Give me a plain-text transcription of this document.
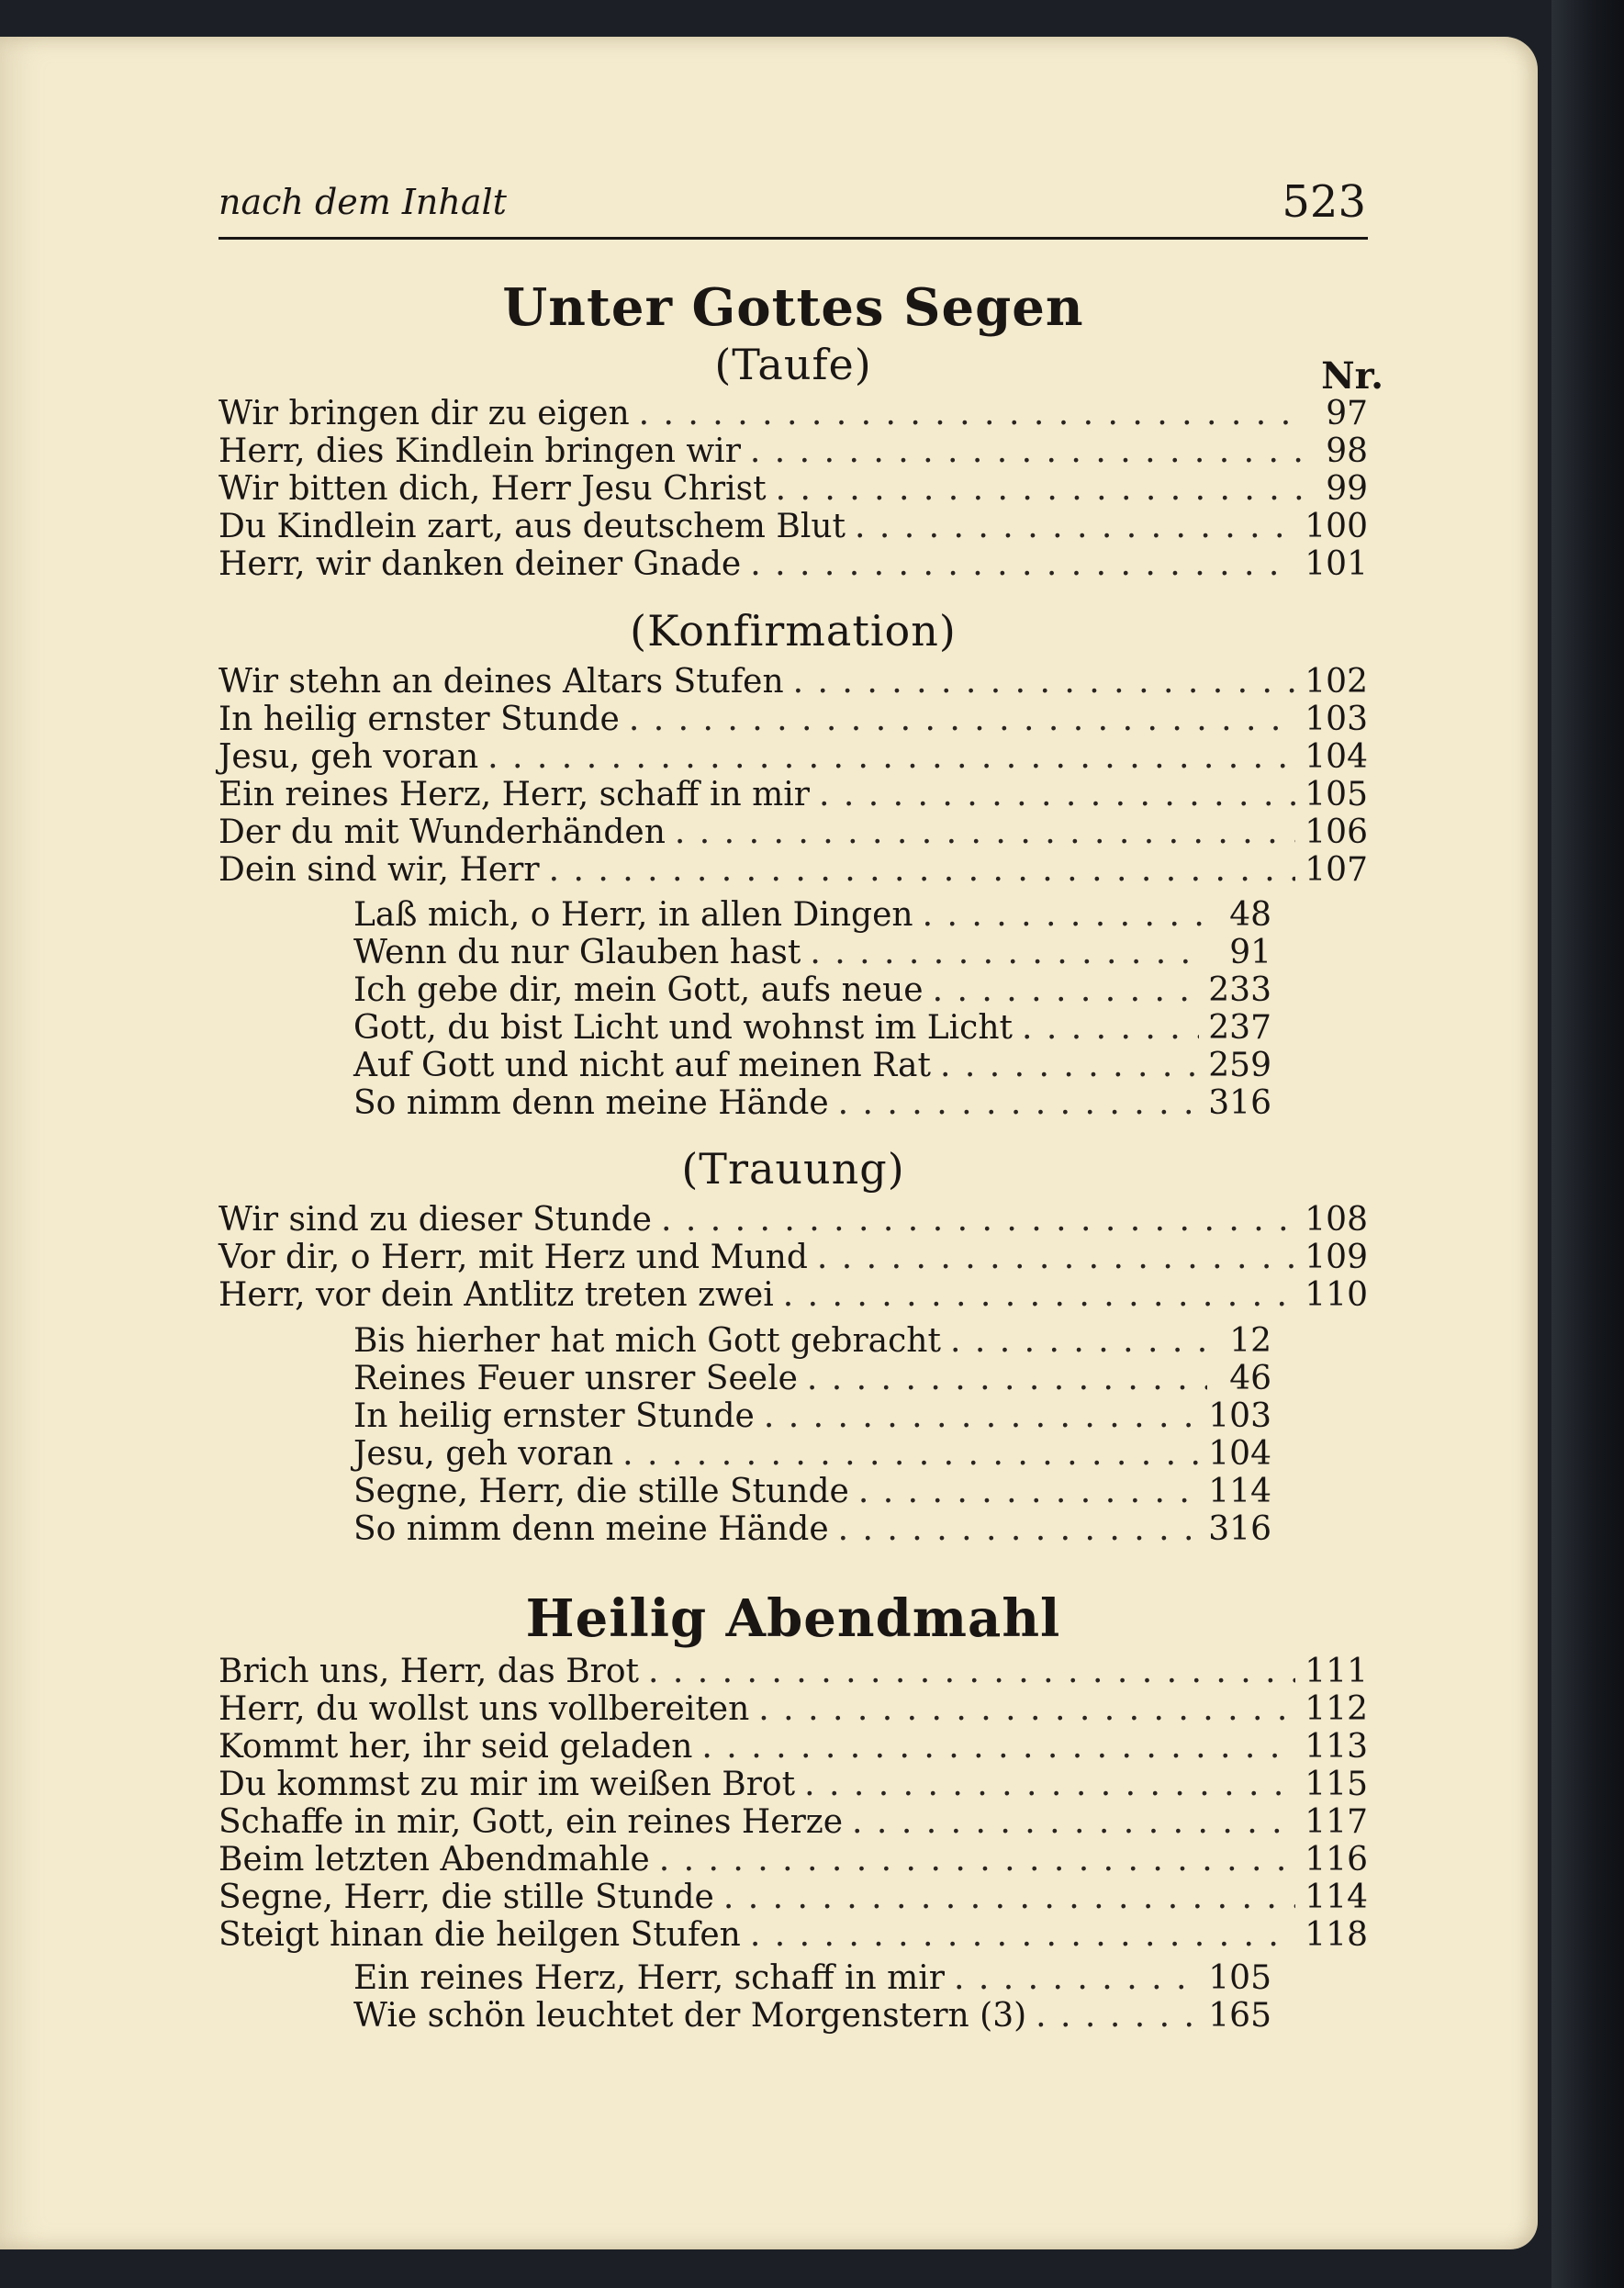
nach dem Inhalt	523
Unter Gottes Segen
(Taufe)	Nr.
Wir bringen dir zu eigen . . .	97
Herr, dies Kindlein bringen wir . . .	98
Wir bitten dich, Herr Jesu Christ . . .	99
Du Kindlein zart, aus deutschem Blut . . .	100
Herr, wir danken deiner Gnade . . .	101
(Konfirmation)
Wir stehn an deines Altars Stufen . . .	102
In heilig ernster Stunde . . .	103
Jesu, geh voran . . .	104
Ein reines Herz, Herr, schaff in mir . . .	105
Der du mit Wunderhänden . . .	106
Dein sind wir, Herr . . .	107
Laß mich, o Herr, in allen Dingen . . .	48
Wenn du nur Glauben hast . . .	91
Ich gebe dir, mein Gott, aufs neue . . .	233
Gott, du bist Licht und wohnst im Licht . . .	237
Auf Gott und nicht auf meinen Rat . . .	259
So nimm denn meine Hände . . .	316
(Trauung)
Wir sind zu dieser Stunde . . .	108
Vor dir, o Herr, mit Herz und Mund . . .	109
Herr, vor dein Antlitz treten zwei . . .	110
Bis hierher hat mich Gott gebracht . . .	12
Reines Feuer unsrer Seele . . .	46
In heilig ernster Stunde . . .	103
Jesu, geh voran . . .	104
Segne, Herr, die stille Stunde . . .	114
So nimm denn meine Hände . . .	316
Heilig Abendmahl
Brich uns, Herr, das Brot . . .	111
Herr, du wollst uns vollbereiten . . .	112
Kommt her, ihr seid geladen . . .	113
Du kommst zu mir im weißen Brot . . .	115
Schaffe in mir, Gott, ein reines Herze . . .	117
Beim letzten Abendmahle . . .	116
Segne, Herr, die stille Stunde . . .	114
Steigt hinan die heilgen Stufen . . .	118
Ein reines Herz, Herr, schaff in mir . . .	105
Wie schön leuchtet der Morgenstern (3) . . .	165
